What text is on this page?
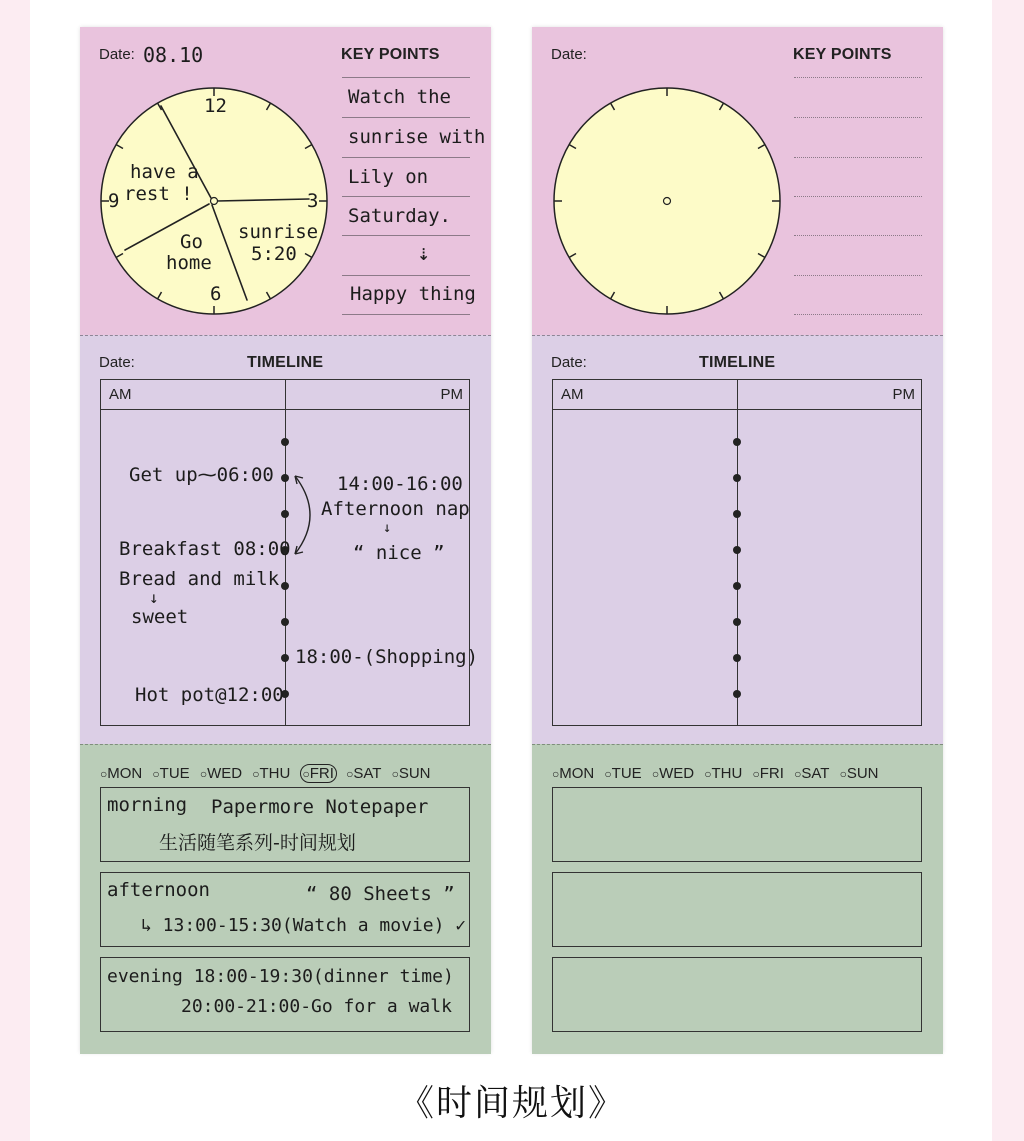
Date: 08.10	KEY POINTS
12
3
6
9
have a
rest !
Go
home
sunrise
5:20
Watch the
sunrise with
Lily on
Saturday.
⇣
Happy thing
Date:	TIMELINE
AM	PM
Get up⁓06:00
Breakfast 08:00
Bread and milk
↓
sweet
Hot pot@12:00
14:00-16:00
Afternoon nap
↓
“ nice ”
18:00-(Shopping)
○MON ○TUE ○WED ○THU ○FRI ○SAT ○SUN
morning Papermore Notepaper
生活随笔系列-时间规划
afternoon	“ 80 Sheets ”
↳ 13:00-15:30(Watch a movie) ✓
evening 18:00-19:30(dinner time)
20:00-21:00-Go for a walk
Date:	KEY POINTS
Date:	TIMELINE
AM	PM
○MON ○TUE ○WED ○THU ○FRI ○SAT ○SUN
《时间规划》
